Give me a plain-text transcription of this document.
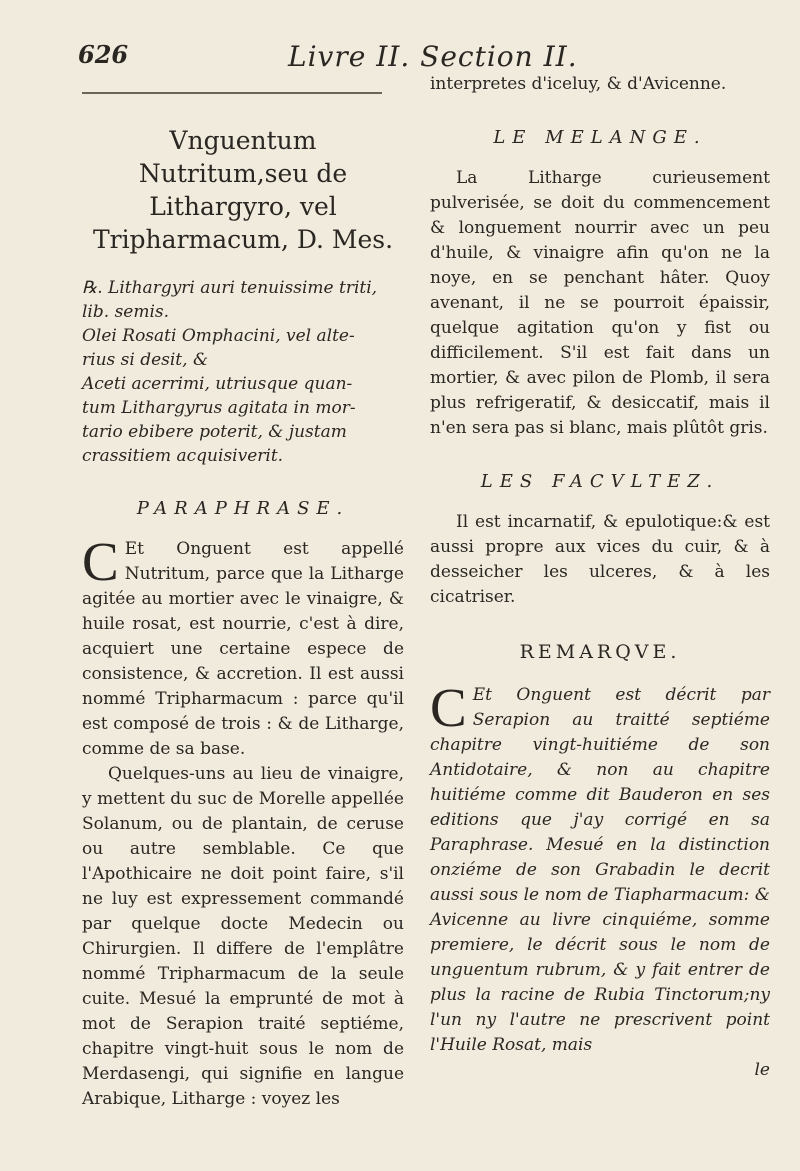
626	Livre II. Section II.
Vnguentum Nutritum,seu de Lithargyro, vel Tripharmacum, D. Mes.
℞. Lithargyri auri tenuissime triti,
lib. semis.
Olei Rosati Omphacini, vel alte-
rius si desit, &
Aceti acerrimi, utriusque quan-
tum Lithargyrus agitata in mor-
tario ebibere poterit, & justam
crassitiem acquisiverit.
PARAPHRASE.

C Et Onguent est appellé Nutritum, parce que la Litharge agitée au mortier avec le vinaigre, & huile rosat, est nourrie, c'est à dire, acquiert une certaine espece de consistence, & accretion. Il est aussi nommé Tripharmacum : parce qu'il est composé de trois : & de Litharge, comme de sa base.

Quelques-uns au lieu de vinaigre, y mettent du suc de Morelle appellée Solanum, ou de plantain, de ceruse ou autre semblable. Ce que l'Apothicaire ne doit point faire, s'il ne luy est expressement commandé par quelque docte Medecin ou Chirurgien. Il differe de l'emplâtre nommé Tripharmacum de la seule cuite. Mesué la emprunté de mot à mot de Serapion traité septiéme, chapitre vingt-huit sous le nom de Merdasengi, qui signifie en langue Arabique, Litharge : voyez les

interpretes d'iceluy, & d'Avicenne.

LE MELANGE.

La Litharge curieusement pulverisée, se doit du commencement & longuement nourrir avec un peu d'huile, & vinaigre afin qu'on ne la noye, en se penchant hâter. Quoy avenant, il ne se pourroit épaissir, quelque agitation qu'on y fist ou difficilement. S'il est fait dans un mortier, & avec pilon de Plomb, il sera plus refrigeratif, & desiccatif, mais il n'en sera pas si blanc, mais plûtôt gris.

LES FACVLTEZ.

Il est incarnatif, & epulotique:& est aussi propre aux vices du cuir, & à desseicher les ulceres, & à les cicatriser.

REMARQVE.

C Et Onguent est décrit par Serapion au traitté septiéme chapitre vingt-huitiéme de son Antidotaire, & non au chapitre huitiéme comme dit Bauderon en ses editions que j'ay corrigé en sa Paraphrase. Mesué en la distinction onziéme de son Grabadin le decrit aussi sous le nom de Tiapharmacum: & Avicenne au livre cinquiéme, somme premiere, le décrit sous le nom de unguentum rubrum, & y fait entrer de plus la racine de Rubia Tinctorum;ny l'un ny l'autre ne prescrivent point l'Huile Rosat, mais

le
